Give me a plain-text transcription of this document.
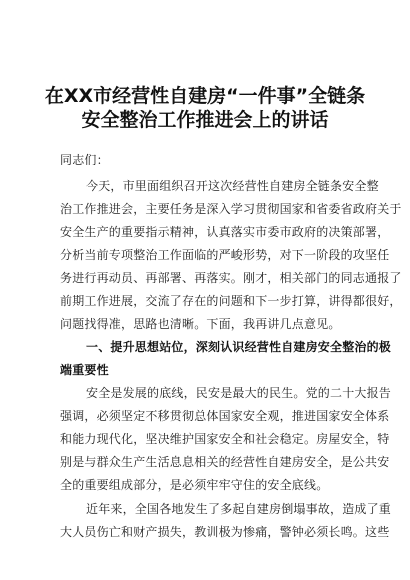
在XX市经营性自建房“一件事”全链条
安全整治工作推进会上的讲话
同志们：
今天，市里面组织召开这次经营性自建房全链条安全整
治工作推进会，主要任务是深入学习贯彻国家和省委省政府关于
安全生产的重要指示精神，认真落实市委市政府的决策部署，
分析当前专项整治工作面临的严峻形势，对下一阶段的攻坚任
务进行再动员、再部署、再落实。刚才，相关部门的同志通报了
前期工作进展，交流了存在的问题和下一步打算，讲得都很好，
问题找得准，思路也清晰。下面，我再讲几点意见。
一、提升思想站位，深刻认识经营性自建房安全整治的极
端重要性
安全是发展的底线，民安是最大的民生。党的二十大报告
强调，必须坚定不移贯彻总体国家安全观，推进国家安全体系
和能力现代化，坚决维护国家安全和社会稳定。房屋安全，特
别是与群众生产生活息息相关的经营性自建房安全，是公共安
全的重要组成部分，是必须牢牢守住的安全底线。
近年来，全国各地发生了多起自建房倒塌事故，造成了重
大人员伤亡和财产损失，教训极为惨痛，警钟必须长鸣。这些
